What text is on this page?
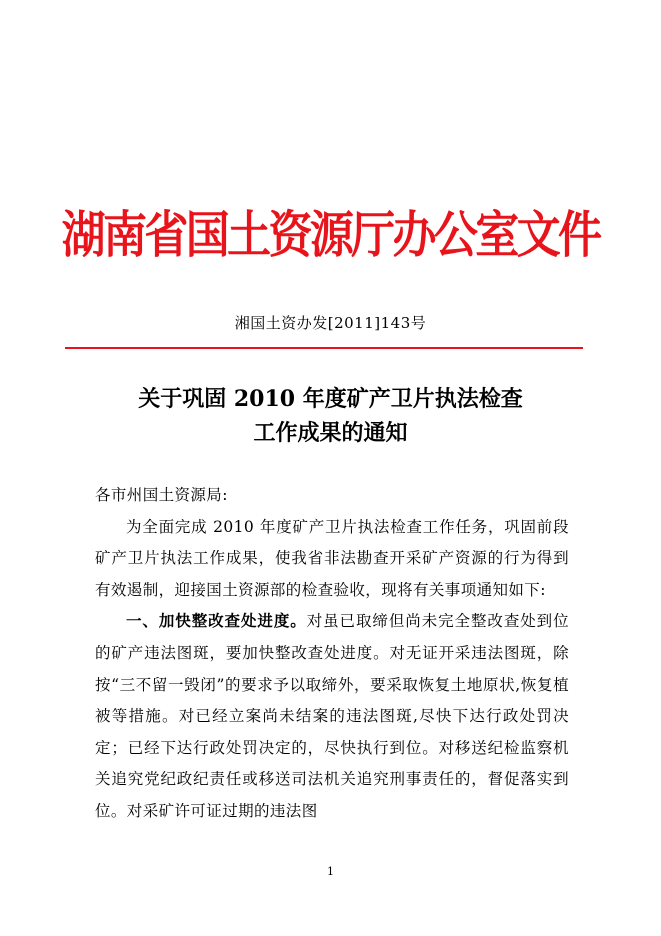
湖南省国土资源厅办公室文件
湘国土资办发[2011]143号
关于巩固 2010 年度矿产卫片执法检查
工作成果的通知

各市州国土资源局:

为全面完成 2010 年度矿产卫片执法检查工作任务，巩固前段矿产卫片执法工作成果，使我省非法勘查开采矿产资源的行为得到有效遏制，迎接国土资源部的检查验收，现将有关事项通知如下:

一、加快整改查处进度。对虽已取缔但尚未完全整改查处到位的矿产违法图斑，要加快整改查处进度。对无证开采违法图斑，除按“三不留一毁闭”的要求予以取缔外，要采取恢复土地原状,恢复植被等措施。对已经立案尚未结案的违法图斑,尽快下达行政处罚决定；已经下达行政处罚决定的，尽快执行到位。对移送纪检监察机关追究党纪政纪责任或移送司法机关追究刑事责任的，督促落实到位。对采矿许可证过期的违法图

1
